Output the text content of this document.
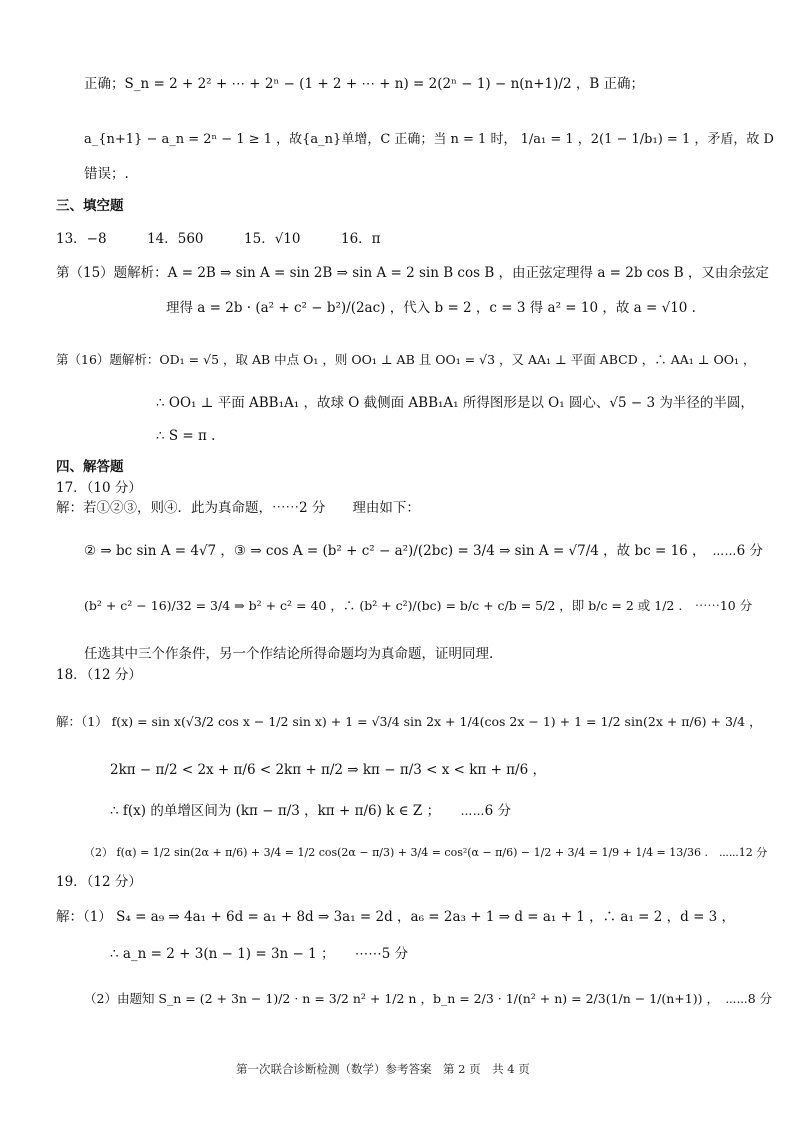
正确；S_n = 2 + 2² + ⋯ + 2ⁿ − (1 + 2 + ⋯ + n) = 2(2ⁿ − 1) − n(n+1)/2 ，B 正确；
a_{n+1} − a_n = 2ⁿ − 1 ≥ 1 ，故{a_n}单增，C 正确；当 n = 1 时， 1/a₁ = 1 ，2(1 − 1/b₁) = 1 ，矛盾，故 D
错误；.
三、填空题
13．−8　　　14．560　　　15．√10　　　16．π
第（15）题解析：A = 2B ⇒ sin A = sin 2B ⇒ sin A = 2 sin B cos B ，由正弦定理得 a = 2b cos B ，又由余弦定
理得 a = 2b · (a² + c² − b²)/(2ac) ，代入 b = 2 ，c = 3 得 a² = 10 ，故 a = √10 .
第（16）题解析：OD₁ = √5 ，取 AB 中点 O₁ ，则 OO₁ ⊥ AB 且 OO₁ = √3 ，又 AA₁ ⊥ 平面 ABCD ，∴ AA₁ ⊥ OO₁ ，
∴ OO₁ ⊥ 平面 ABB₁A₁ ，故球 O 截侧面 ABB₁A₁ 所得图形是以 O₁ 圆心、√5 − 3 为半径的半圆，
∴ S = π .
四、解答题
17．（10 分）
解：若①②③，则④．此为真命题，⋯⋯2 分　　理由如下：
② ⇒ bc sin A = 4√7 ，③ ⇒ cos A = (b² + c² − a²)/(2bc) = 3/4 ⇒ sin A = √7/4 ，故 bc = 16 ，　⋯⋯6 分
(b² + c² − 16)/32 = 3/4 ⇒ b² + c² = 40 ，∴ (b² + c²)/(bc) = b/c + c/b = 5/2 ，即 b/c = 2 或 1/2 .　⋯⋯10 分
任选其中三个作条件，另一个作结论所得命题均为真命题，证明同理.
18．（12 分）
解：（1） f(x) = sin x(√3/2 cos x − 1/2 sin x) + 1 = √3/4 sin 2x + 1/4(cos 2x − 1) + 1 = 1/2 sin(2x + π/6) + 3/4 ，
2kπ − π/2 < 2x + π/6 < 2kπ + π/2 ⇒ kπ − π/3 < x < kπ + π/6 ，
∴ f(x) 的单增区间为 (kπ − π/3 ，kπ + π/6) k ∈ Z ；　　⋯⋯6 分
（2） f(α) = 1/2 sin(2α + π/6) + 3/4 = 1/2 cos(2α − π/3) + 3/4 = cos²(α − π/6) − 1/2 + 3/4 = 1/9 + 1/4 = 13/36 .　⋯⋯12 分
19．（12 分）
解：（1） S₄ = a₉ ⇒ 4a₁ + 6d = a₁ + 8d ⇒ 3a₁ = 2d ，a₆ = 2a₃ + 1 ⇒ d = a₁ + 1 ，∴ a₁ = 2 ，d = 3 ，
∴ a_n = 2 + 3(n − 1) = 3n − 1 ；　　⋯⋯5 分
（2）由题知 S_n = (2 + 3n − 1)/2 · n = 3/2 n² + 1/2 n ，b_n = 2/3 · 1/(n² + n) = 2/3(1/n − 1/(n+1)) ，　⋯⋯8 分
第一次联合诊断检测（数学）参考答案　第 2 页　共 4 页
